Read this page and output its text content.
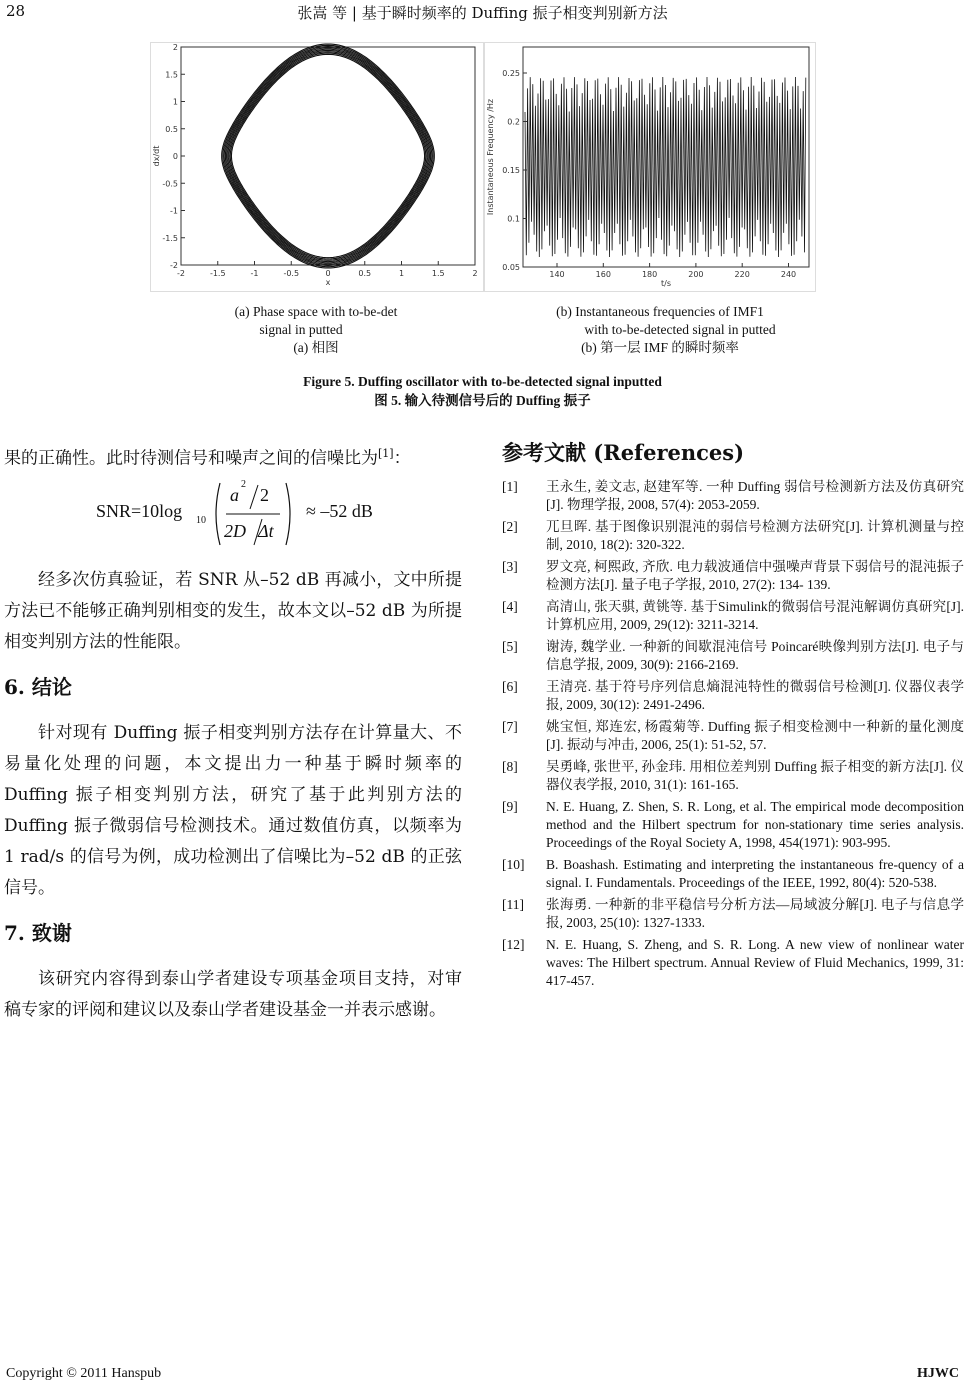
28	张嵩 等 | 基于瞬时频率的 Duffing 振子相变判别新方法
-2	-1.5	-1	-0.5	0	0.5	1	1.5	2
2
1.5
1
0.5
0
-0.5
-1
-1.5
-2
x
dx/dt
140	160	180	200	220	240
0.25
0.2
0.15
0.1
0.05
t/s
Instantaneous Frequency /Hz
(a) Phase space with to-be-det
signal in putted
(a) 相图
(b) Instantaneous frequencies of IMF1
with to-be-detected signal in putted
(b) 第一层 IMF 的瞬时频率
Figure 5. Duffing oscillator with to-be-detected signal inputted
图 5. 输入待测信号后的 Duffing 振子

果的正确性。此时待测信号和噪声之间的信噪比为[1]：

SNR=10log 10
a
2
2
2D Δt
≈ –52 dB

经多次仿真验证，若 SNR 从–52 dB 再减小，文中所提方法已不能够正确判别相变的发生，故本文以–52 dB 为所提相变判别方法的性能限。

6. 结论

针对现有 Duffing 振子相变判别方法存在计算量大、不易量化处理的问题，本文提出力一种基于瞬时频率的 Duffing 振子相变判别方法，研究了基于此判别方法的 Duffing 振子微弱信号检测技术。通过数值仿真，以频率为 1 rad/s 的信号为例，成功检测出了信噪比为–52 dB 的正弦信号。

7. 致谢

该研究内容得到泰山学者建设专项基金项目支持，对审稿专家的评阅和建议以及泰山学者建设基金一并表示感谢。

参考文献 (References)
[1] 王永生, 姜文志, 赵建军等. 一种 Duffing 弱信号检测新方法及仿真研究[J]. 物理学报, 2008, 57(4): 2053-2059.
[2] 兀旦晖. 基于图像识别混沌的弱信号检测方法研究[J]. 计算机测量与控制, 2010, 18(2): 320-322.
[3] 罗文亮, 柯熙政, 齐欣. 电力载波通信中强噪声背景下弱信号的混沌振子检测方法[J]. 量子电子学报, 2010, 27(2): 134- 139.
[4] 高清山, 张天骐, 黄铫等. 基于Simulink的微弱信号混沌解调仿真研究[J]. 计算机应用, 2009, 29(12): 3211-3214.
[5] 谢涛, 魏学业. 一种新的间歇混沌信号 Poincaré映像判别方法[J]. 电子与信息学报, 2009, 30(9): 2166-2169.
[6] 王清亮. 基于符号序列信息熵混沌特性的微弱信号检测[J]. 仪器仪表学报, 2009, 30(12): 2491-2496.
[7] 姚宝恒, 郑连宏, 杨霞菊等. Duffing 振子相变检测中一种新的量化测度[J]. 振动与冲击, 2006, 25(1): 51-52, 57.
[8] 吴勇峰, 张世平, 孙金玮. 用相位差判别 Duffing 振子相变的新方法[J]. 仪器仪表学报, 2010, 31(1): 161-165.
[9] N. E. Huang, Z. Shen, S. R. Long, et al. The empirical mode decomposition method and the Hilbert spectrum for non-stationary time series analysis. Proceedings of the Royal Society A, 1998, 454(1971): 903-995.
[10] B. Boashash. Estimating and interpreting the instantaneous fre-quency of a signal. I. Fundamentals. Proceedings of the IEEE, 1992, 80(4): 520-538.
[11] 张海勇. 一种新的非平稳信号分析方法—局域波分解[J]. 电子与信息学报, 2003, 25(10): 1327-1333.
[12] N. E. Huang, S. Zheng, and S. R. Long. A new view of nonlinear water waves: The Hilbert spectrum. Annual Review of Fluid Mechanics, 1999, 31: 417-457.
Copyright © 2011 Hanspub	HJWC
